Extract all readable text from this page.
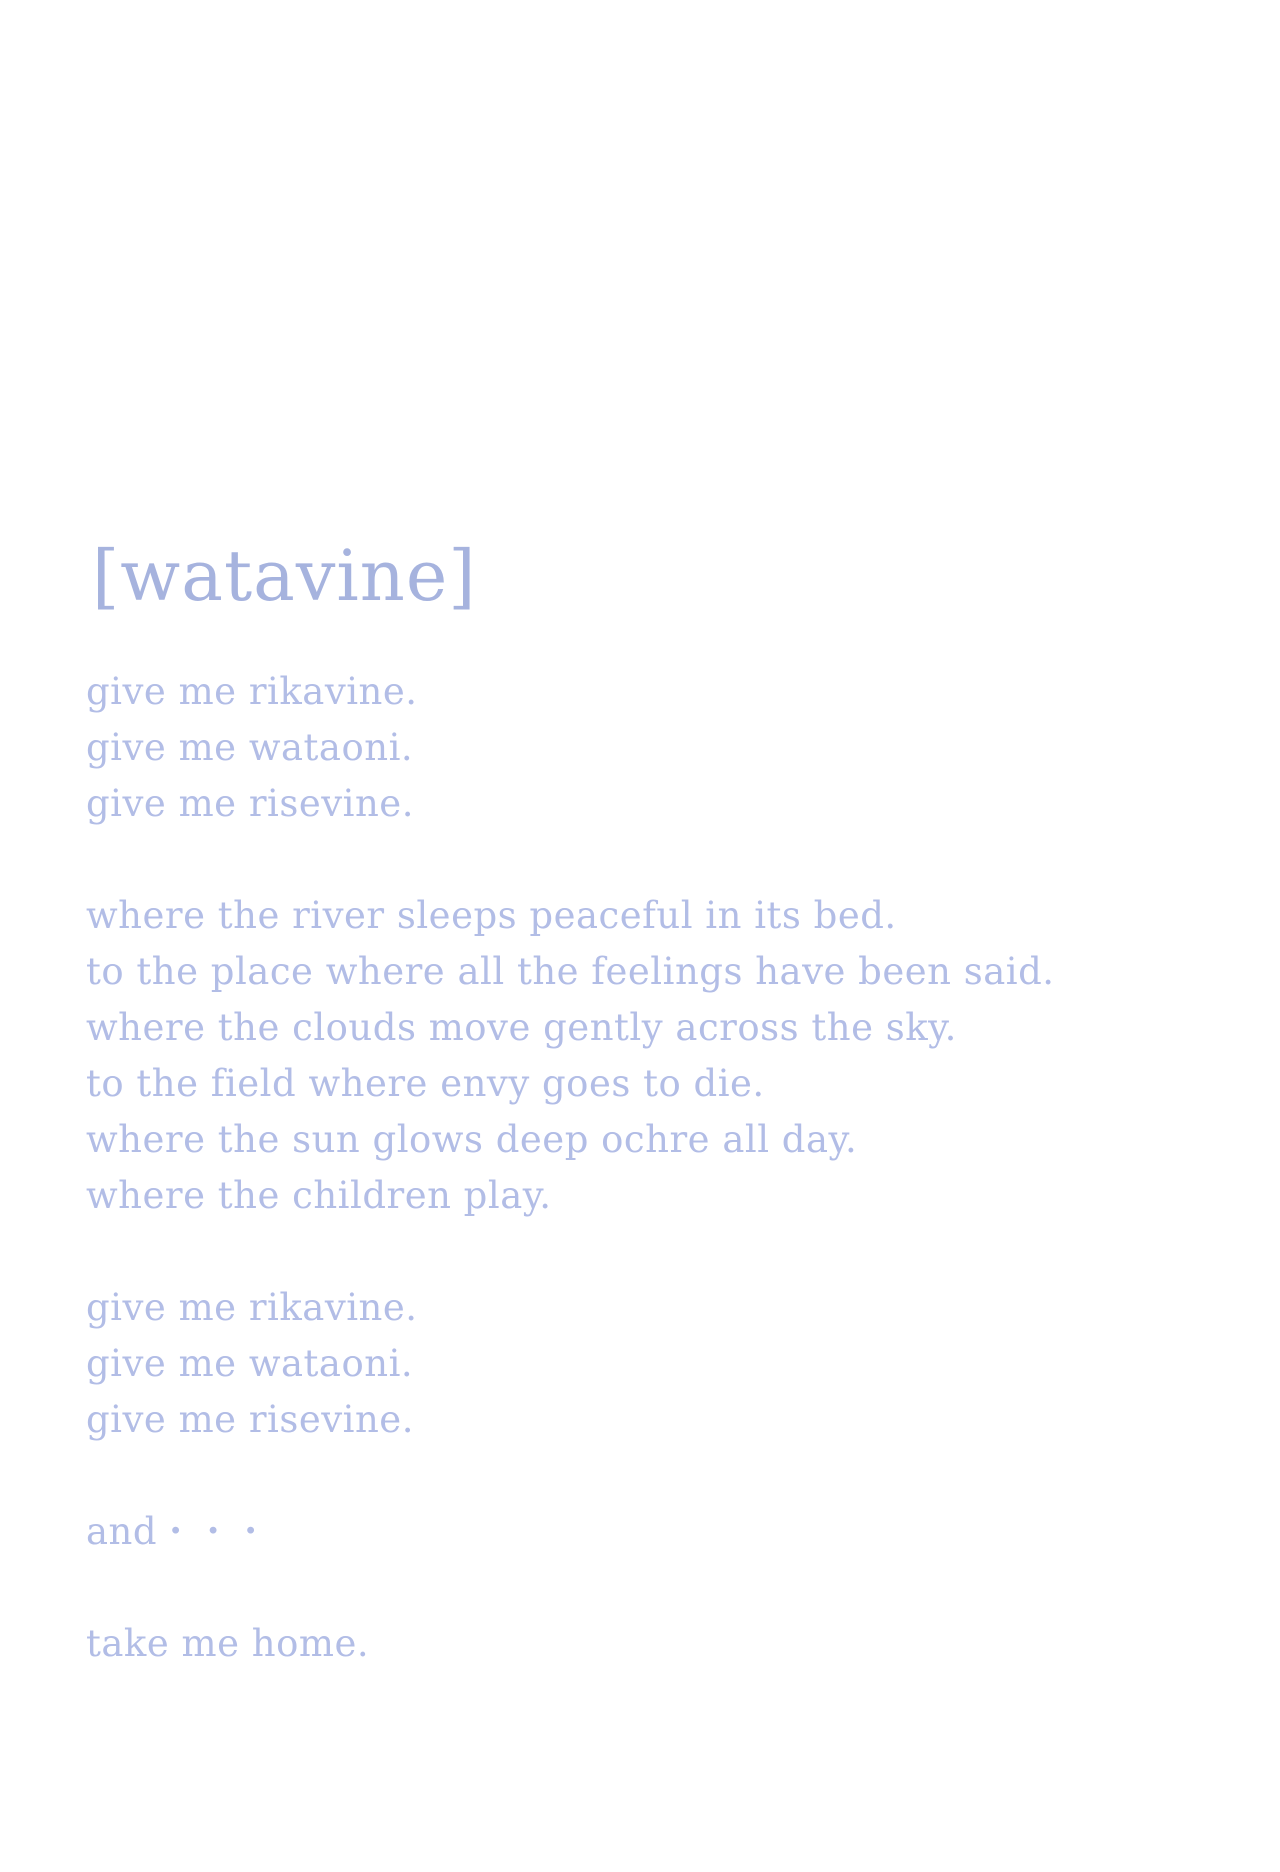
[watavine]
give me rikavine.
give me wataoni.
give me risevine.
where the river sleeps peaceful in its bed.
to the place where all the feelings have been said.
where the clouds move gently across the sky.
to the field where envy goes to die.
where the sun glows deep ochre all day.
where the children play.
give me rikavine.
give me wataoni.
give me risevine.
and・・・
take me home.
